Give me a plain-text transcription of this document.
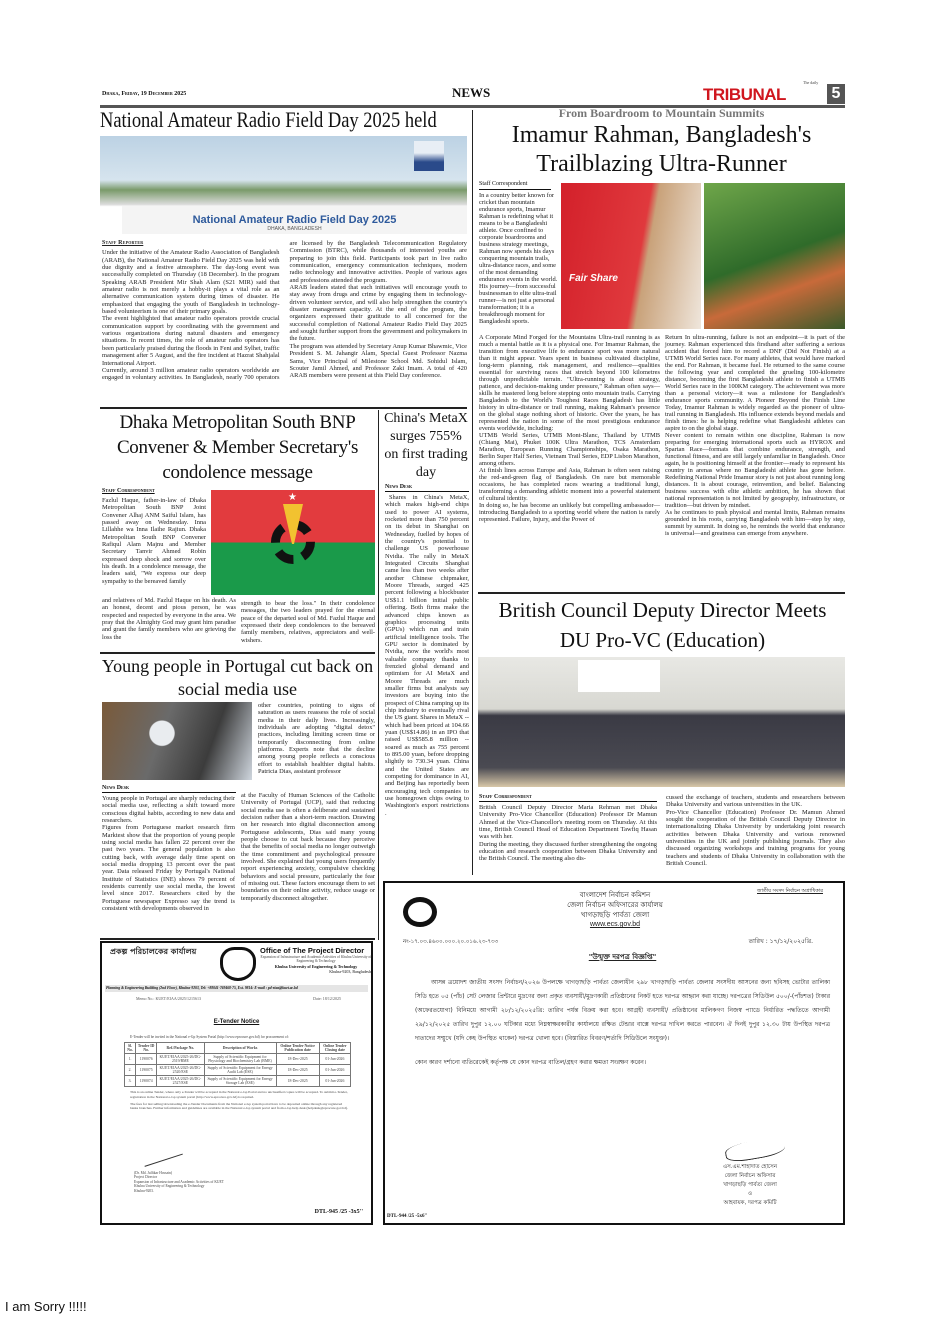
Dhaka, Friday, 19 December 2025	NEWS
The daily
TRIBUNAL	5
National Amateur Radio Field Day 2025 held
National Amateur Radio Field Day 2025
DHAKA, BANGLADESH
Staff Reporter

Under the initiative of the Amateur Radio Association of Bangladesh (ARAB), the National Amateur Radio Field Day 2025 was held with due dignity and a festive atmosphere. The day-long event was successfully completed on Thursday (18 December). In the program Speaking ARAB President Mir Shah Alam (S21 MIR) said that amateur radio is not merely a hobby-it plays a vital role as an alternative communication system during times of disaster. He emphasized that engaging the youth of Bangladesh in technology-based volunteerism is one of their primary goals.

The event highlighted that amateur radio operators provide crucial communication support by coordinating with the government and various organizations during natural disasters and emergency situations. In recent times, the role of amateur radio operators has been particularly praised during the floods in Feni and Sylhet, traffic management after 5 August, and the fire incident at Hazrat Shahjalal International Airport.

Currently, around 3 million amateur radio operators worldwide are engaged in voluntary activities. In Bangladesh, nearly 700 operators are licensed by the Bangladesh Telecommunication Regulatory Commission (BTRC), while thousands of interested youths are preparing to join this field. Participants took part in live radio communication, emergency communication techniques, modern radio technology and innovative activities. People of various ages and professions attended the program.

ARAB leaders stated that such initiatives will encourage youth to stay away from drugs and crime by engaging them in technology-driven volunteer service, and will also help strengthen the country's disaster management capacity. At the end of the program, the organizers expressed their gratitude to all concerned for the successful completion of National Amateur Radio Field Day 2025 and sought further support from the government and policymakers in the future.

The program was attended by Secretary Anup Kumar Bhawmic, Vice President S. M. Jahangir Alam, Special Guest Professor Nazma Sams, Vice Principal of Milestone School Md. Sohidul Islam, Scouter Jamil Ahmed, and Professor Zaki Imam. A total of 420 ARAB members were present at this Field Day conference.

From Boardroom to Mountain Summits
Imamur Rahman, Bangladesh's Trailblazing Ultra-Runner
Staff Correspondent
In a country better known for cricket than mountain endurance sports, Imamur Rahman is redefining what it means to be a Bangladeshi athlete. Once confined to corporate boardrooms and business strategy meetings, Rahman now spends his days conquering mountain trails, ultra-distance races, and some of the most demanding endurance events in the world. His journey—from successful businessman to elite ultra-trail runner—is not just a personal transformation; it is a breakthrough moment for Bangladeshi sports.
Fair Share

A Corporate Mind Forged for the Mountains Ultra-trail running is as much a mental battle as it is a physical one. For Imamur Rahman, the transition from executive life to endurance sport was more natural than it might appear. Years spent in business cultivated discipline, long-term planning, risk management, and resilience—qualities essential for surviving races that stretch beyond 100 kilometres through unpredictable terrain. "Ultra-running is about strategy, patience, and decision-making under pressure," Rahman often says—skills he mastered long before stepping onto mountain trails. Carrying Bangladesh to the World's Toughest Races Bangladesh has little history in ultra-distance or trail running, making Rahman's presence on the global stage nothing short of historic. Over the years, he has represented the nation in some of the most prestigious endurance events worldwide, including:

UTMB World Series, UTMB Mont-Blanc, Thailand by UTMB (Chiang Mai), Phuket 100K Ultra Marathon, TCS Amsterdam Marathon, European Running Championships, Osaka Marathon, Berlin Super Half Series, Vietnam Trail Series, EDP Lisbon Marathon, among others.

At finish lines across Europe and Asia, Rahman is often seen raising the red-and-green flag of Bangladesh. On rare but memorable occasions, he has completed races wearing a traditional lungi, transforming a demanding athletic moment into a powerful statement of cultural identity.

In doing so, he has become an unlikely but compelling ambassador—introducing Bangladesh to a sporting world where the nation is rarely represented. Failure, Injury, and the Power of

Return In ultra-running, failure is not an endpoint—it is part of the journey. Rahman experienced this firsthand after suffering a serious accident that forced him to record a DNF (Did Not Finish) at a UTMB World Series race. For many athletes, that would have marked the end. For Rahman, it became fuel. He returned to the same course the following year and completed the grueling 100-kilometre distance, becoming the first Bangladeshi athlete to finish a UTMB World Series race in the 100KM category. The achievement was more than a personal victory—it was a milestone for Bangladesh's endurance sports community. A Pioneer Beyond the Finish Line Today, Imamur Rahman is widely regarded as the pioneer of ultra-trail running in Bangladesh. His influence extends beyond medals and finish times: he is helping redefine what Bangladeshi athletes can aspire to on the global stage.

Never content to remain within one discipline, Rahman is now preparing for emerging international sports such as HYROX and Spartan Race—formats that combine endurance, strength, and functional fitness, and are still largely unfamiliar in Bangladesh. Once again, he is positioning himself at the frontier—ready to represent his country in arenas where no Bangladeshi athlete has gone before. Redefining National Pride Imamur story is not just about running long distances. It is about courage, reinvention, and belief. Balancing business success with elite athletic ambition, he has shown that national representation is not limited by geography, infrastructure, or tradition—but driven by mindset.

As he continues to push physical and mental limits, Rahman remains grounded in his roots, carrying Bangladesh with him—step by step, summit by summit. In doing so, he reminds the world that endurance is universal—and greatness can emerge from anywhere.

Dhaka Metropolitan South BNP Convener & Member Secretary's condolence message
Staff Correspondent
Fazlul Haque, father-in-law of Dhaka Metropolitan South BNP Joint Convener Alhaj ANM Saiful Islam, has passed away on Wednesday. Inna Lillahhe wa Inna Ilaihe Rajiun. Dhaka Metropolitan South BNP Convener Rafiqul Alam Majnu and Member Secretary Tanvir Ahmed Robin expressed deep shock and sorrow over his death. In a condolence message, the leaders said, "We express our deep sympathy to the bereaved family
★
and relatives of Md. Fazlul Haque on his death. As an honest, decent and pious person, he was respected and respected by everyone in the area. We pray that the Almighty God may grant him paradise and grant the family members who are grieving the loss the
strength to bear the loss." In their condolence messages, the two leaders prayed for the eternal peace of the departed soul of Md. Fazlul Haque and expressed their deep condolences to the bereaved family members, relatives, appreciators and well-wishers.
China's MetaX surges 755% on first trading day
News Desk
Shares in China's MetaX, which makes high-end chips used to power AI systems, rocketed more than 750 percent on its debut in Shanghai on Wednesday, fuelled by hopes of the country's potential to challenge US powerhouse Nvidia. The rally in MetaX Integrated Circuits Shanghai came less than two weeks after another Chinese chipmaker, Moore Threads, surged 425 percent following a blockbuster US$1.1 billion initial public offering. Both firms make the advanced chips known as graphics processing units (GPUs) which run and train artificial intelligence tools. The GPU sector is dominated by Nvidia, now the world's most valuable company thanks to frenzied global demand and optimism for AI MetaX and Moore Threads are much smaller firms but analysts say investors are buying into the prospect of China ramping up its chip industry to eventually rival the US giant. Shares in MetaX -- which had been priced at 104.66 yuan (US$14.86) in an IPO that raised US$585.8 million -- soared as much as 755 percent to 895.00 yuan, before dropping slightly to 730.34 yuan. China and the United States are competing for dominance in AI, and Beijing has reportedly been encouraging tech companies to use homegrown chips owing to Washington's export restrictions .
Young people in Portugal cut back on social media use
other countries, pointing to signs of saturation as users reassess the role of social media in their daily lives. Increasingly, individuals are adopting "digital detox" practices, including limiting screen time or temporarily disconnecting from online platforms. Experts note that the decline among young people reflects a conscious effort to establish healthier digital habits. Patricia Dias, assistant professor
News Desk

Young people in Portugal are sharply reducing their social media use, reflecting a shift toward more conscious digital habits, according to new data and researchers.

Figures from Portuguese market research firm Marktest show that the proportion of young people using social media has fallen 22 percent over the past two years. The general population is also cutting back, with average daily time spent on social media dropping 13 percent over the past year. Data released Friday by Portugal's National Institute of Statistics (INE) shows 79 percent of residents currently use social media, the lowest level since 2017. Researchers cited by the Portuguese newspaper Expresso say the trend is consistent with developments observed in

at the Faculty of Human Sciences of the Catholic University of Portugal (UCP), said that reducing social media use is often a deliberate and sustained decision rather than a short-term reaction. Drawing on her research into digital disconnection among Portuguese adolescents, Dias said many young people choose to cut back because they perceive that the benefits of social media no longer outweigh the time commitment and psychological pressure involved. She explained that young users frequently report experiencing anxiety, compulsive checking behaviors and social pressure, particularly the fear of missing out. These factors encourage them to set boundaries on their online activity, reduce usage or temporarily disconnect altogether.
British Council Deputy Director Meets DU Pro-VC (Education)
Staff Correspondent

British Council Deputy Director Maria Rehman met Dhaka University Pro-Vice Chancellor (Education) Professor Dr Mamun Ahmed at the Vice-Chancellor's meeting room on Thursday. At this time, British Council Head of Education Department Tawfiq Hasan was with her.

During the meeting, they discussed further strengthening the ongoing education and research cooperation between Dhaka University and the British Council. The meeting also dis-

cussed the exchange of teachers, students and researchers between Dhaka University and various universities in the UK.

Pro-Vice Chancellor (Education) Professor Dr. Mamun Ahmed sought the cooperation of the British Council Deputy Director in internationalizing Dhaka University by undertaking joint research activities between Dhaka University and various renowned universities in the UK and jointly publishing journals. They also discussed organizing workshops and training programs for young teachers and students of Dhaka University in collaboration with the British Council.

প্রকল্প পরিচালকের কার্যালয়	Office of The Project Director
Expansion of Infrastructure and Academic Activities of Khulna University of Engineering & Technology
Khulna University of Engineering & Technology
Khulna-9203, Bangladesh.
Planning & Engineering Building (2nd Floor), Khulna-9203, Tel: +88041-769468-75, Ext. 9814: E-mail : pd-eiaa@kuet.ac.bd
Memo No.: KUET/EIAA/2025/1215613	Date: 18/12/2025
E-Tender Notice
E-Tender will be invited in the National e-Gp System Portal (http://www.eprocure.gov.bd) for procurement of:
Sl. No.	Tender ID No.	Ref./Package No.	Description of Works	Online Tender Notice Publication date	Online Tender Closing date
1.	1190076	KUET/EIAA/2025-26/DG-2519/BME	Supply of Scientific Equipment for Physiology and Biochemistry Lab (BME)	18-Dec-2025	01-Jan-2026
2.	1190075	KUET/EIAA/2025-26/DG-2520/ESE	Supply of Scientific Equipment for Energy Audit Lab (ESE)	18-Dec-2025	01-Jan-2026
3.	1190074	KUET/EIAA/2025-26/DG-2527/ESE	Supply of Scientific Equipment for Energy Storage Lab (ESE)	18-Dec-2025	01-Jan-2026
This is an online Tender, where only e-Tender will be accepted in the National e-Gp Portal and no unclassified copies will be accepted. To submit e-Tender, registration in the National e-Gp system portal (http://www.eprocure.gov.bd) is required.
The fees for last selling/downloading the e-Tender Documents from the National e-Gp system portal have to be deposited online through any registered banks branches. Further information and guidelines are available in the National e-Gp system portal and from e-Gp help desk (helpdesk@eprocure.gov.bd).
(Dr. Md. Julfikar Hossain)
Project Director
Expansion of Infrastructure and Academic Activities of KUET
Khulna University of Engineering & Technology
Khulna-9203.
DTL-945 /25 -3x5''
জাতীয় সংসদ নির্বাচন অগ্রাধিকার
বাংলাদেশ নির্বাচন কমিশন
জেলা নির্বাচন অফিসারের কার্যালয়
খাগড়াছড়ি পার্বত্য জেলা
www.ecs.gov.bd
নং-১৭.০৩.৪৬০০.০০০.২০.০১৬.২৩-৭৩৩	তারিখ : ১৭/১২/২০২৫খ্রি.
"উন্মুক্ত দরপত্র বিজ্ঞপ্তি"
আসন্ন ত্রয়োদশ জাতীয় সংসদ নির্বাচন/২০২৬ উপলক্ষে খাগড়াছড়ি পার্বত্য জেলাধীন ২৯৮ খাগড়াছড়ি পার্বত্য জেলার সংসদীয় আসনের জন্য ছবিসহ ভোটার তালিকা সিডি হতে ০৫ (পাঁচ) সেট লেজার প্রিন্টারে মুদ্রণের জন্য প্রকৃত ব্যবসায়ী/মুদ্রণকারী প্রতিষ্ঠানের নিকট হতে দরপত্র আহ্বান করা যাচ্ছে। দরপত্রের সিডিউল ৫০০/-(পাঁচশত) টাকার (অফেরতযোগ্য) বিনিময়ে আগামী ২৮/১২/২০২৫খ্রি: তারিখ পর্যন্ত বিক্রয় করা হবে। আগ্রহী ব্যবসায়ী/ প্রতিষ্ঠানের মালিকগণ নিজস্ব প্যাডে নির্ধারিত পদ্ধতিতে আগামী ২৯/১২/২০২৫ তারিখ দুপুর ১২.০০ ঘটিকার মধ্যে নিম্নস্বাক্ষরকারীর কার্যালয়ে রক্ষিত টেন্ডার বাক্সে দরপত্র দাখিল করতে পারবেন। ঐ দিনই দুপুর ১২.৩০ টায় উপস্থিত দরপত্র দাতাদের সম্মুখে (যদি কেহ উপস্থিত থাকেন) দরপত্র খোলা হবে। (বিস্তারিত বিবরণ/শর্তাদি সিডিউলে সংযুক্ত)।
কোন কারণ দর্শানো ব্যতিরেকেই কর্তৃপক্ষ যে কোন দরপত্র বাতিল/গ্রহণ করার ক্ষমতা সংরক্ষণ করেন।
এস.এম.শাহাদাত হোসেন
জেলা নির্বাচন অফিসার
খাগড়াছড়ি পার্বত্য জেলা
ও
আহবায়ক, দরপত্র কমিটি
DTL-944 /25 -5x6''
I am Sorry !!!!!
